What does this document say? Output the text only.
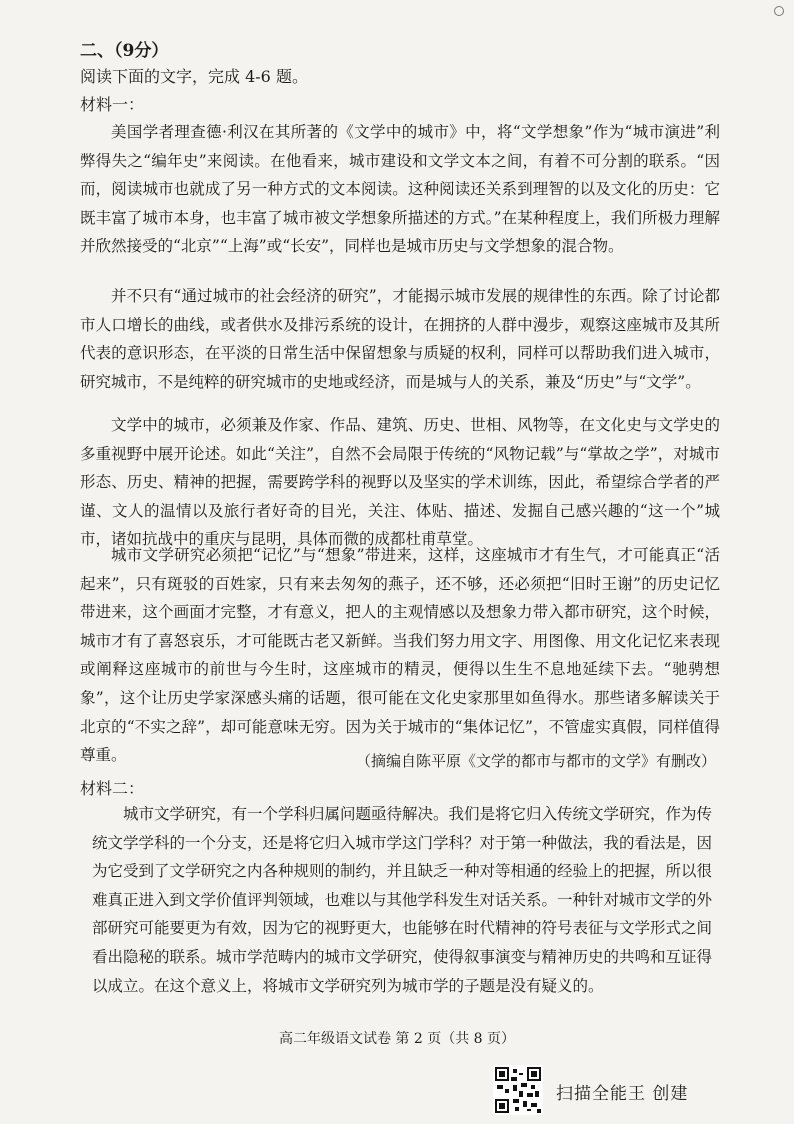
二、（9分）
阅读下面的文字，完成 4-6 题。
材料一：

美国学者理查德·利汉在其所著的《文学中的城市》中，将“文学想象”作为“城市演进”利弊得失之“编年史”来阅读。在他看来，城市建设和文学文本之间，有着不可分割的联系。“因而，阅读城市也就成了另一种方式的文本阅读。这种阅读还关系到理智的以及文化的历史：它既丰富了城市本身，也丰富了城市被文学想象所描述的方式。”在某种程度上，我们所极力理解并欣然接受的“北京”“上海”或“长安”，同样也是城市历史与文学想象的混合物。

并不只有“通过城市的社会经济的研究”，才能揭示城市发展的规律性的东西。除了讨论都市人口增长的曲线，或者供水及排污系统的设计，在拥挤的人群中漫步，观察这座城市及其所代表的意识形态，在平淡的日常生活中保留想象与质疑的权利，同样可以帮助我们进入城市，研究城市，不是纯粹的研究城市的史地或经济，而是城与人的关系，兼及“历史”与“文学”。

文学中的城市，必须兼及作家、作品、建筑、历史、世相、风物等，在文化史与文学史的多重视野中展开论述。如此“关注”，自然不会局限于传统的“风物记载”与“掌故之学”，对城市形态、历史、精神的把握，需要跨学科的视野以及坚实的学术训练，因此，希望综合学者的严谨、文人的温情以及旅行者好奇的目光，关注、体贴、描述、发掘自己感兴趣的“这一个”城市，诸如抗战中的重庆与昆明，具体而微的成都杜甫草堂。

城市文学研究必须把“记忆”与“想象”带进来，这样，这座城市才有生气，才可能真正“活起来”，只有斑驳的百姓家，只有来去匆匆的燕子，还不够，还必须把“旧时王谢”的历史记忆带进来，这个画面才完整，才有意义，把人的主观情感以及想象力带入都市研究，这个时候，城市才有了喜怒哀乐，才可能既古老又新鲜。当我们努力用文字、用图像、用文化记忆来表现或阐释这座城市的前世与今生时，这座城市的精灵，便得以生生不息地延续下去。“驰骋想象”，这个让历史学家深感头痛的话题，很可能在文化史家那里如鱼得水。那些诸多解读关于北京的“不实之辞”，却可能意味无穷。因为关于城市的“集体记忆”，不管虚实真假，同样值得尊重。	（摘编自陈平原《文学的都市与都市的文学》有删改）
材料二：

城市文学研究，有一个学科归属问题亟待解决。我们是将它归入传统文学研究，作为传统文学学科的一个分支，还是将它归入城市学这门学科？对于第一种做法，我的看法是，因为它受到了文学研究之内各种规则的制约，并且缺乏一种对等相通的经验上的把握，所以很难真正进入到文学价值评判领域，也难以与其他学科发生对话关系。一种针对城市文学的外部研究可能要更为有效，因为它的视野更大，也能够在时代精神的符号表征与文学形式之间看出隐秘的联系。城市学范畴内的城市文学研究，使得叙事演变与精神历史的共鸣和互证得以成立。在这个意义上，将城市文学研究列为城市学的子题是没有疑义的。

高二年级语文试卷 第 2 页（共 8 页）
扫描全能王 创建
